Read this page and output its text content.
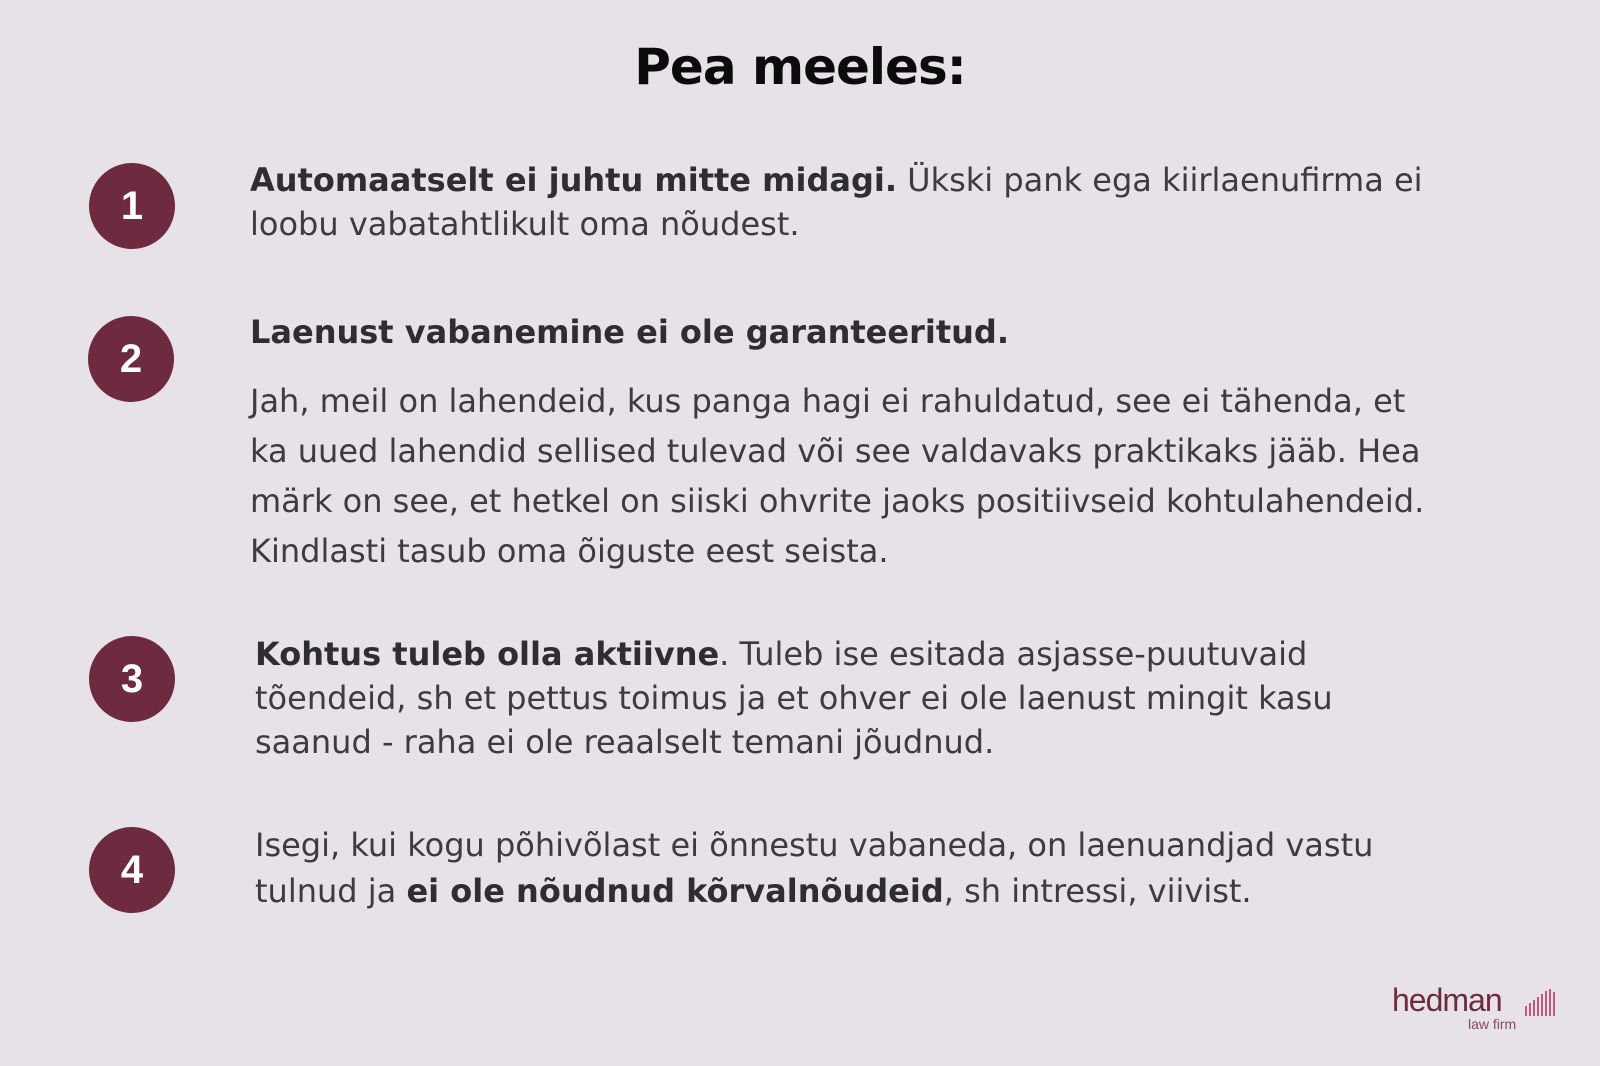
Pea meeles:
1
Automaatselt ei juhtu mitte midagi. Ükski pank ega kiirlaenufirma ei loobu vabatahtlikult oma nõudest.
2
Laenust vabanemine ei ole garanteeritud.
Jah, meil on lahendeid, kus panga hagi ei rahuldatud, see ei tähenda, et ka uued lahendid sellised tulevad või see valdavaks praktikaks jääb. Hea märk on see, et hetkel on siiski ohvrite jaoks positiivseid kohtulahendeid. Kindlasti tasub oma õiguste eest seista.
3
Kohtus tuleb olla aktiivne. Tuleb ise esitada asjasse-puutuvaid tõendeid, sh et pettus toimus ja et ohver ei ole laenust mingit kasu saanud - raha ei ole reaalselt temani jõudnud.
4
Isegi, kui kogu põhivõlast ei õnnestu vabaneda, on laenuandjad vastu tulnud ja ei ole nõudnud kõrvalnõudeid, sh intressi, viivist.
hedman
law firm
